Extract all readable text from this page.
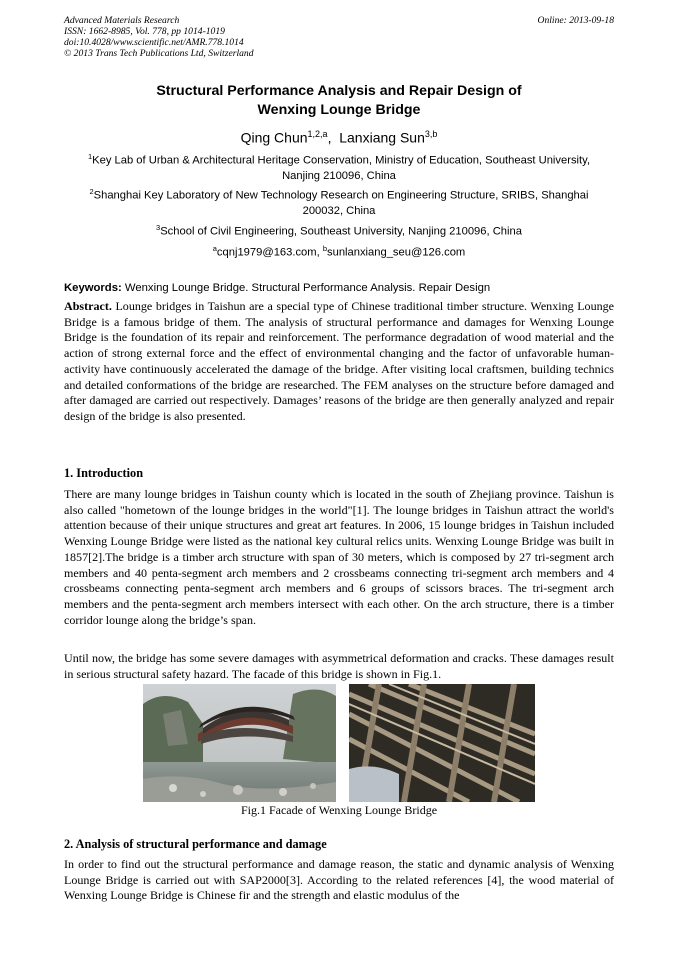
Advanced Materials Research
ISSN: 1662-8985, Vol. 778, pp 1014-1019
doi:10.4028/www.scientific.net/AMR.778.1014
© 2013 Trans Tech Publications Ltd, Switzerland
Online: 2013-09-18
Structural Performance Analysis and Repair Design of
Wenxing Lounge Bridge
Qing Chun$^{1,2,a}$, Lanxiang Sun$^{3,b}$
$^1$Key Lab of Urban & Architectural Heritage Conservation, Ministry of Education, Southeast University, Nanjing 210096, China
$^2$Shanghai Key Laboratory of New Technology Research on Engineering Structure, SRIBS, Shanghai 200032, China
$^3$School of Civil Engineering, Southeast University, Nanjing 210096, China
$^a$cqnj1979@163.com, $^b$sunlanxiang_seu@126.com
Keywords: Wenxing Lounge Bridge. Structural Performance Analysis. Repair Design
Abstract. Lounge bridges in Taishun are a special type of Chinese traditional timber structure. Wenxing Lounge Bridge is a famous bridge of them. The analysis of structural performance and damages for Wenxing Lounge Bridge is the foundation of its repair and reinforcement. The performance degradation of wood material and the action of strong external force and the effect of environmental changing and the factor of unfavorable human-activity have continuously accelerated the damage of the bridge. After visiting local craftsmen, building technics and detailed conformations of the bridge are researched. The FEM analyses on the structure before damaged and after damaged are carried out respectively. Damages’ reasons of the bridge are then generally analyzed and repair design of the bridge is also presented.
1. Introduction
There are many lounge bridges in Taishun county which is located in the south of Zhejiang province. Taishun is also called "hometown of the lounge bridges in the world"[1]. The lounge bridges in Taishun attract the world's attention because of their unique structures and great art features. In 2006, 15 lounge bridges in Taishun included Wenxing Lounge Bridge were listed as the national key cultural relics units. Wenxing Lounge Bridge was built in 1857[2].The bridge is a timber arch structure with span of 30 meters, which is composed by 27 tri-segment arch members and 40 penta-segment arch members and 2 crossbeams connecting tri-segment arch members and 4 crossbeams connecting penta-segment arch members and 6 groups of scissors braces. The tri-segment arch members and the penta-segment arch members intersect with each other. On the arch structure, there is a timber corridor lounge along the bridge’s span.
Until now, the bridge has some severe damages with asymmetrical deformation and cracks. These damages result in serious structural safety hazard. The facade of this bridge is shown in Fig.1.
Fig.1 Facade of Wenxing Lounge Bridge
2. Analysis of structural performance and damage
In order to find out the structural performance and damage reason, the static and dynamic analysis of Wenxing Lounge Bridge is carried out with SAP2000[3]. According to the related references [4], the wood material of Wenxing Lounge Bridge is Chinese fir and the strength and elastic modulus of the
